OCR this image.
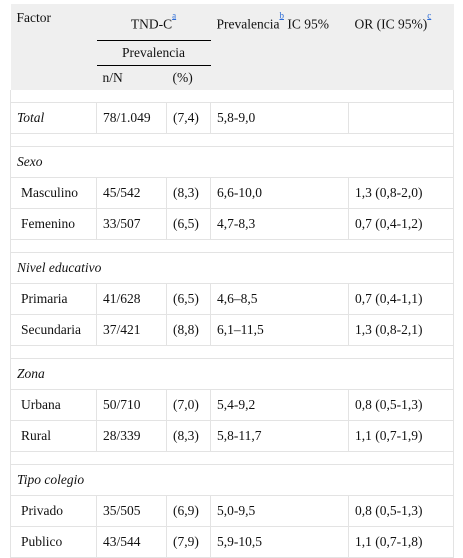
Factor	TND-$C^{^a}$		Prevalencia$^{^b}$ IC 95%	OR (IC 95%)$^{^c}$
	Prevalencia			
	n/N	(%)		

Total	78/1.049	(7,4)	5,8-9,0	

Sexo				
Masculino	45/542	(8,3)	6,6-10,0	1,3 (0,8-2,0)
Femenino	33/507	(6,5)	4,7-8,3	0,7 (0,4-1,2)

Nivel educativo				
Primaria	41/628	(6,5)	4,6–8,5	0,7 (0,4-1,1)
Secundaria	37/421	(8,8)	6,1–11,5	1,3 (0,8-2,1)

Zona				
Urbana	50/710	(7,0)	5,4-9,2	0,8 (0,5-1,3)
Rural	28/339	(8,3)	5,8-11,7	1,1 (0,7-1,9)

Tipo colegio				
Privado	35/505	(6,9)	5,0-9,5	0,8 (0,5-1,3)
Publico	43/544	(7,9)	5,9-10,5	1,1 (0,7-1,8)
